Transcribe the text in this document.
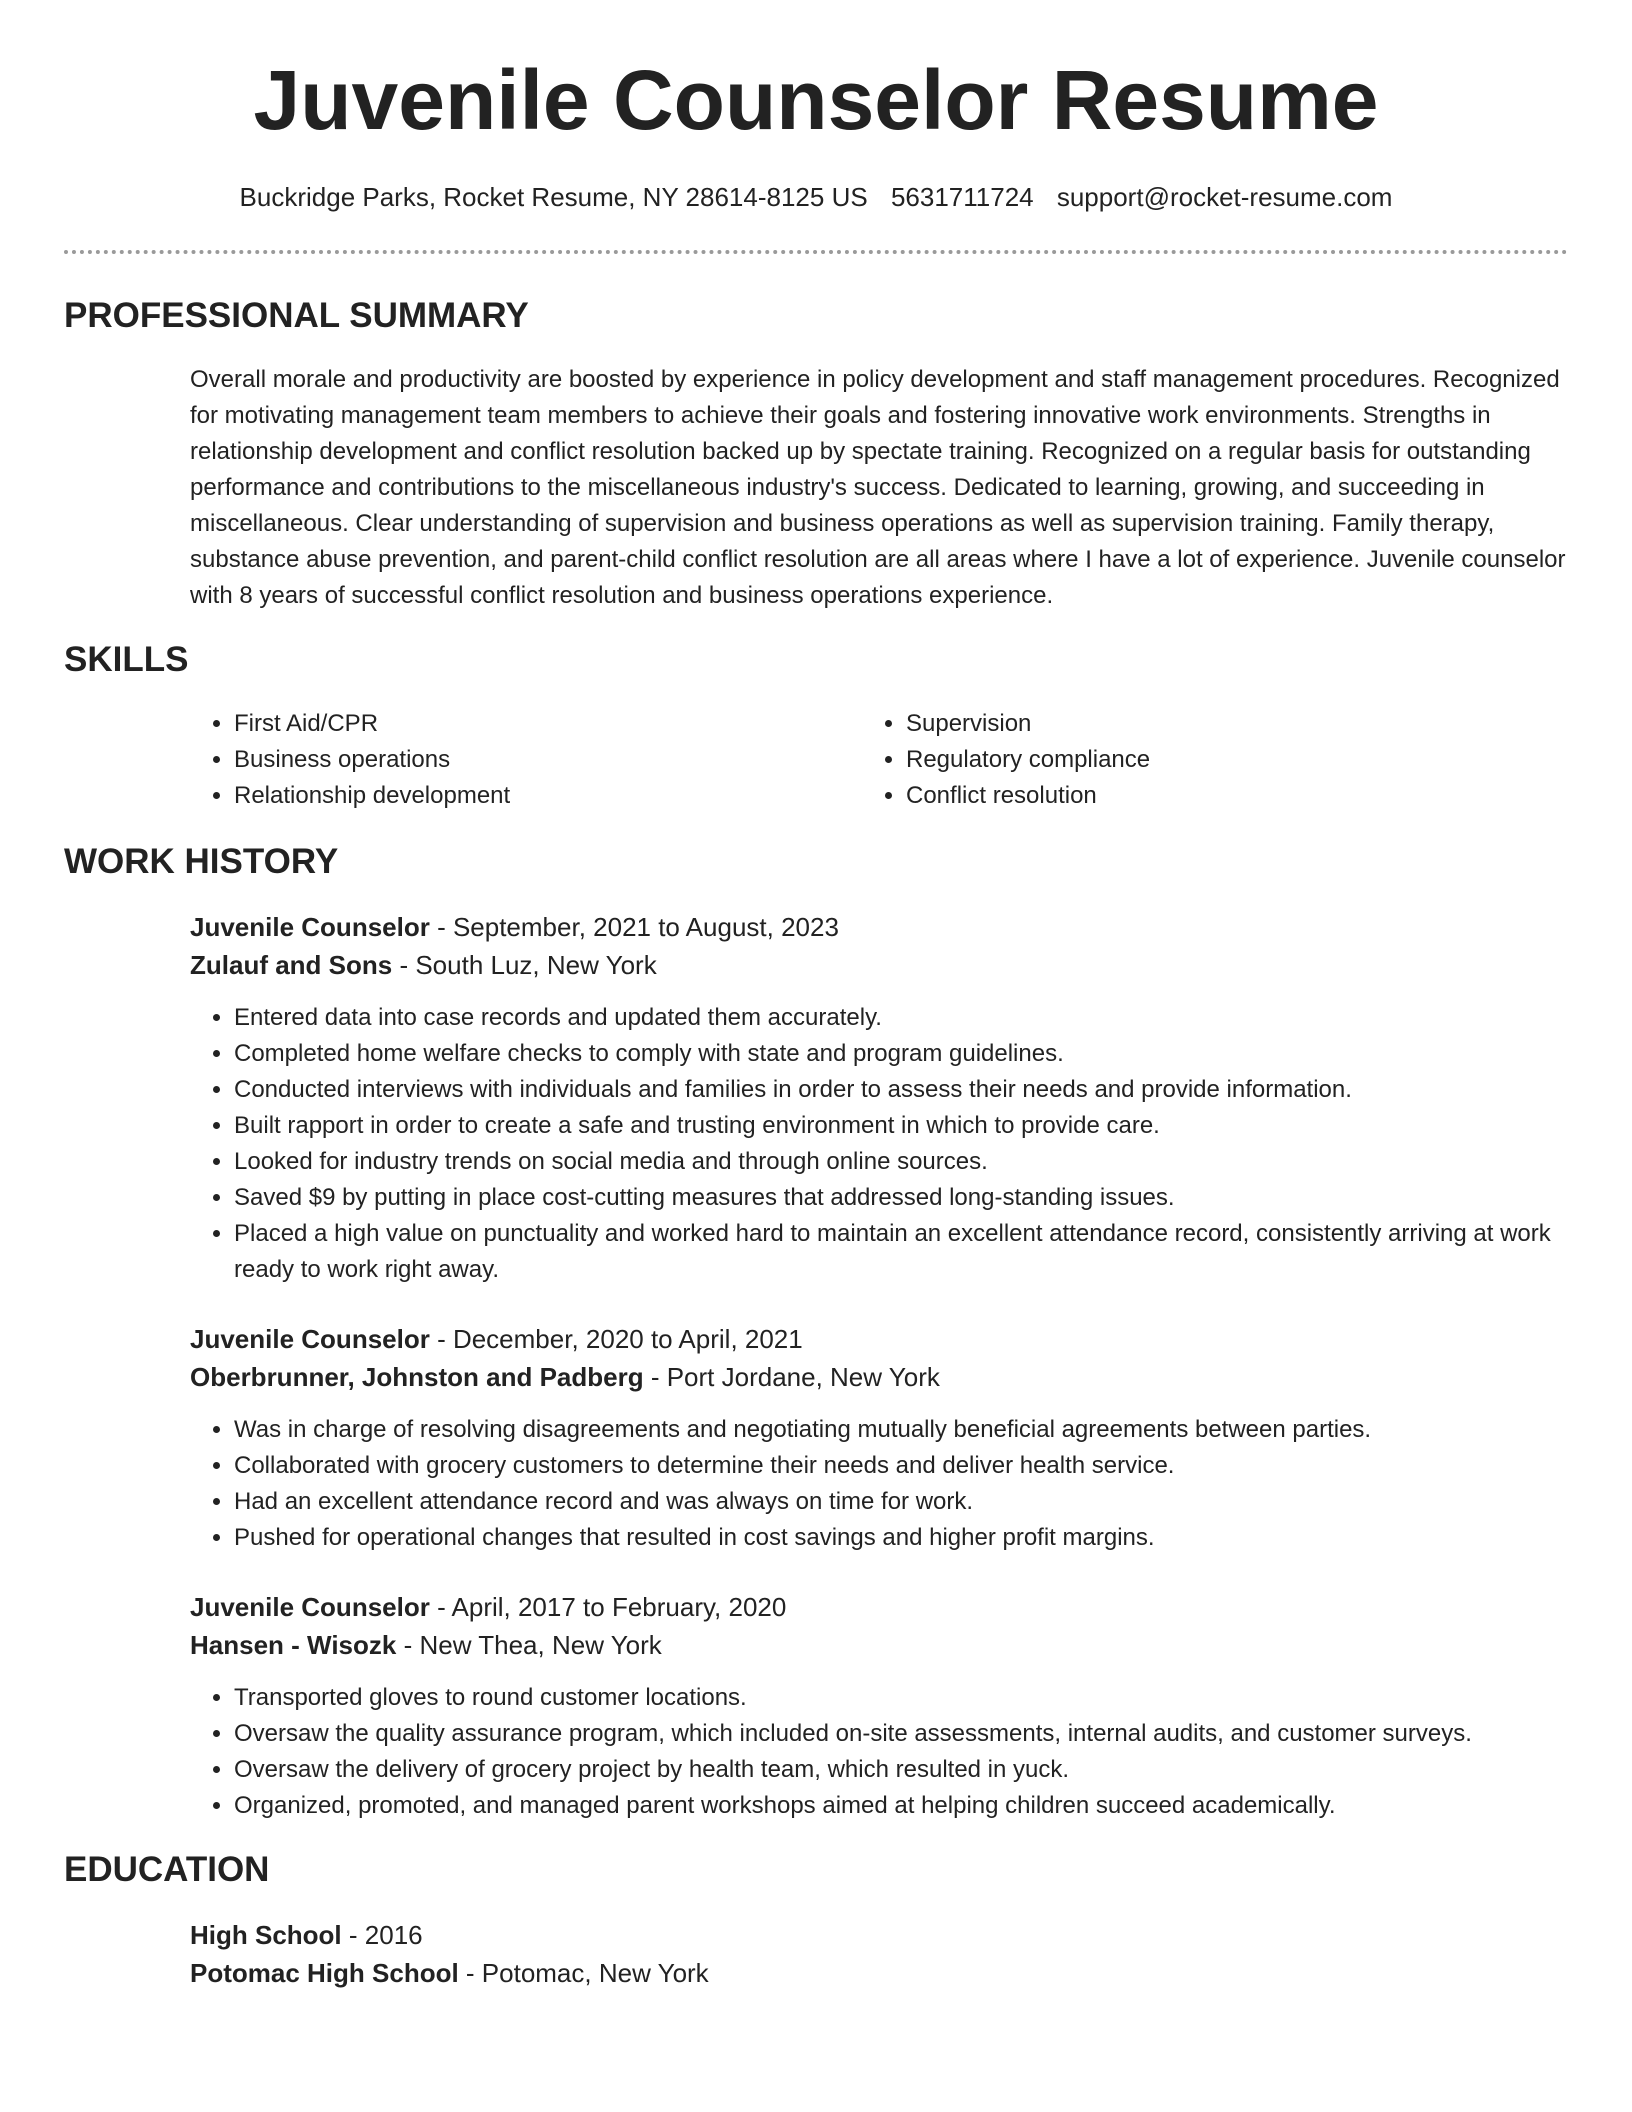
Juvenile Counselor Resume
Buckridge Parks, Rocket Resume, NY 28614-8125 US 5631711724 support@rocket-resume.com
PROFESSIONAL SUMMARY

Overall morale and productivity are boosted by experience in policy development and staff management procedures. Recognized for motivating management team members to achieve their goals and fostering innovative work environments. Strengths in relationship development and conflict resolution backed up by spectate training. Recognized on a regular basis for outstanding performance and contributions to the miscellaneous industry's success. Dedicated to learning, growing, and succeeding in miscellaneous. Clear understanding of supervision and business operations as well as supervision training. Family therapy, substance abuse prevention, and parent-child conflict resolution are all areas where I have a lot of experience. Juvenile counselor with 8 years of successful conflict resolution and business operations experience.

SKILLS
• First Aid/CPR
• Business operations
• Relationship development
• Supervision
• Regulatory compliance
• Conflict resolution
WORK HISTORY
Juvenile Counselor - September, 2021 to August, 2023
Zulauf and Sons - South Luz, New York
• Entered data into case records and updated them accurately.
• Completed home welfare checks to comply with state and program guidelines.
• Conducted interviews with individuals and families in order to assess their needs and provide information.
• Built rapport in order to create a safe and trusting environment in which to provide care.
• Looked for industry trends on social media and through online sources.
• Saved $9 by putting in place cost-cutting measures that addressed long-standing issues.
• Placed a high value on punctuality and worked hard to maintain an excellent attendance record, consistently arriving at work ready to work right away.
Juvenile Counselor - December, 2020 to April, 2021
Oberbrunner, Johnston and Padberg - Port Jordane, New York
• Was in charge of resolving disagreements and negotiating mutually beneficial agreements between parties.
• Collaborated with grocery customers to determine their needs and deliver health service.
• Had an excellent attendance record and was always on time for work.
• Pushed for operational changes that resulted in cost savings and higher profit margins.
Juvenile Counselor - April, 2017 to February, 2020
Hansen - Wisozk - New Thea, New York
• Transported gloves to round customer locations.
• Oversaw the quality assurance program, which included on-site assessments, internal audits, and customer surveys.
• Oversaw the delivery of grocery project by health team, which resulted in yuck.
• Organized, promoted, and managed parent workshops aimed at helping children succeed academically.
EDUCATION
High School - 2016
Potomac High School - Potomac, New York
